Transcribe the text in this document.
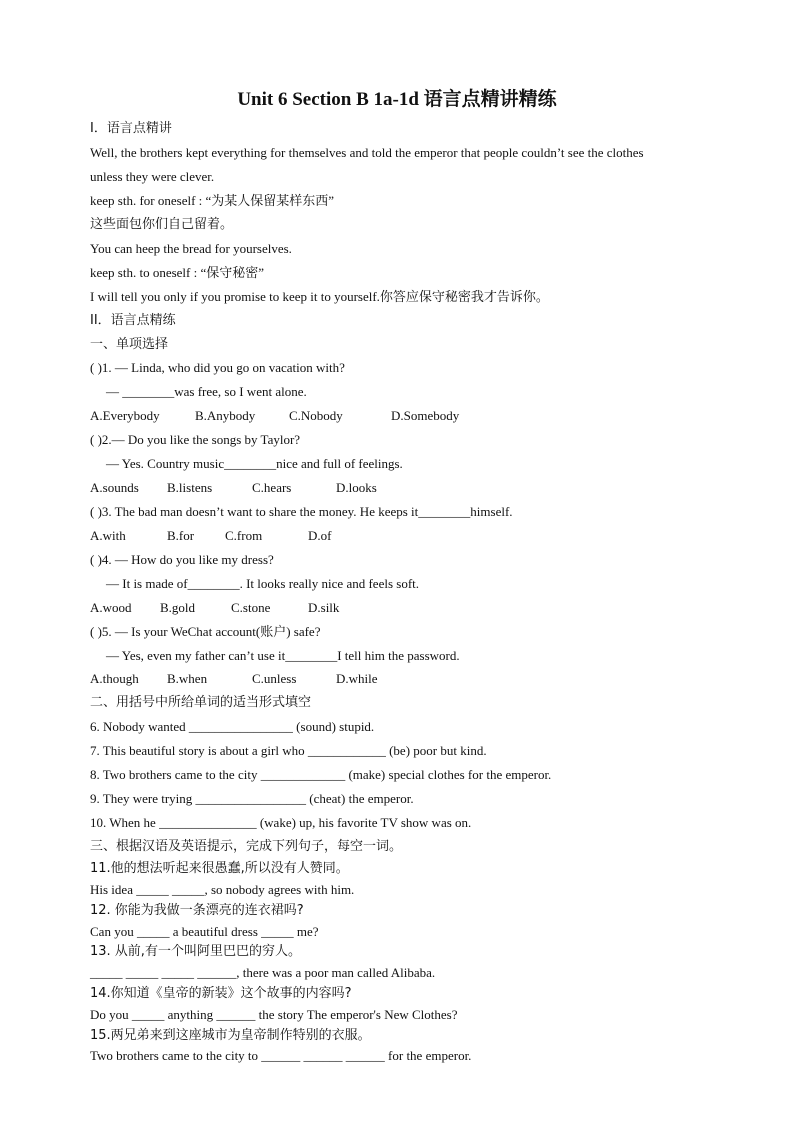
Unit 6 Section B 1a-1d 语言点精讲精练
I．语言点精讲
Well, the brothers kept everything for themselves and told the emperor that people couldn’t see the clothes
unless they were clever.
keep sth. for oneself : “为某人保留某样东西”
这些面包你们自己留着。
You can heep the bread for yourselves.
keep sth. to oneself : “保守秘密”
I will tell you only if you promise to keep it to yourself.你答应保守秘密我才告诉你。
II．语言点精练
一、单项选择
( )1. — Linda, who did you go on vacation with?
— ________was free, so I went alone.
A.Everybody	B.Anybody	C.Nobody	D.Somebody
( )2.— Do you like the songs by Taylor?
— Yes. Country music________nice and full of feelings.
A.sounds B.listens	C.hears	D.looks
( )3. The bad man doesn’t want to share the money. He keeps it________himself.
A.with	B.for C.from	D.of
( )4. — How do you like my dress?
— It is made of________. It looks really nice and feels soft.
A.wood B.gold	C.stone	D.silk
( )5. — Is your WeChat account(账户) safe?
— Yes, even my father can’t use it________I tell him the password.
A.though B.when	C.unless	D.while
二、用括号中所给单词的适当形式填空
6. Nobody wanted ________________ (sound) stupid.
7. This beautiful story is about a girl who ____________ (be) poor but kind.
8. Two brothers came to the city _____________ (make) special clothes for the emperor.
9. They were trying _________________ (cheat) the emperor.
10. When he _______________ (wake) up, his favorite TV show was on.
三、根据汉语及英语提示，完成下列句子，每空一词。
11.他的想法听起来很愚蠢,所以没有人赞同。
His idea _____ _____, so nobody agrees with him.
12. 你能为我做一条漂亮的连衣裙吗?
Can you _____ a beautiful dress _____ me?
13. 从前,有一个叫阿里巴巴的穷人。
_____ _____ _____ ______, there was a poor man called Alibaba.
14.你知道《皇帝的新装》这个故事的内容吗?
Do you _____ anything ______ the story The emperor's New Clothes?
15.两兄弟来到这座城市为皇帝制作特别的衣服。
Two brothers came to the city to ______ ______ ______ for the emperor.
